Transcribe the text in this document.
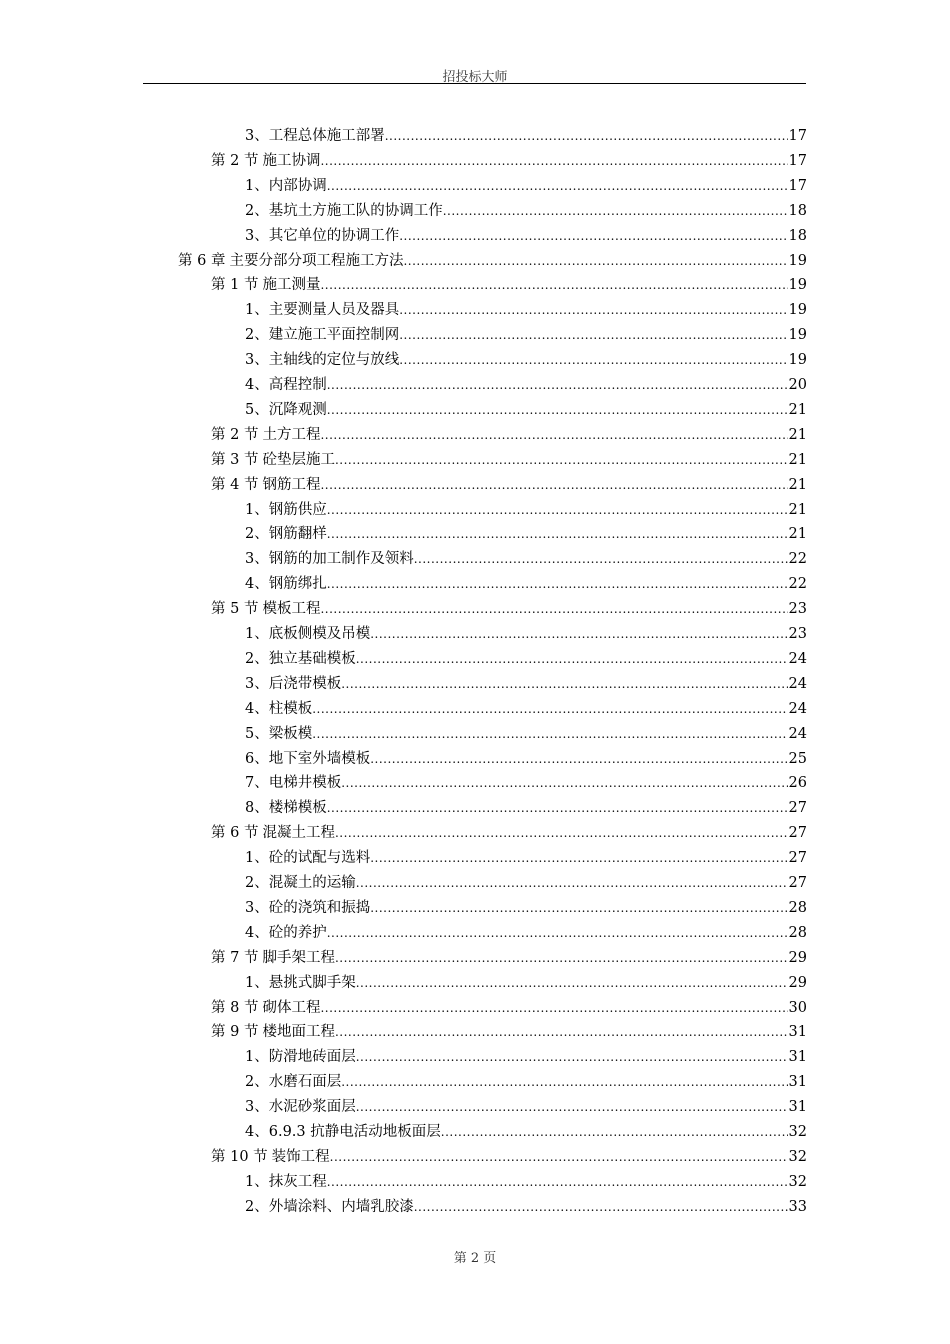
招投标大师
3、 工程总体施工部署 .....	17
第 2 节 施工协调 .....	17
1、 内部协调 .....	17
2、 基坑土方施工队的协调工作 .....	18
3、 其它单位的协调工作 .....	18
第 6 章 主要分部分项工程施工方法 .....	19
第 1 节 施工测量 .....	19
1、 主要测量人员及器具 .....	19
2、 建立施工平面控制网 .....	19
3、 主轴线的定位与放线 .....	19
4、 高程控制 .....	20
5、 沉降观测 .....	21
第 2 节 土方工程 .....	21
第 3 节 砼垫层施工 .....	21
第 4 节 钢筋工程 .....	21
1、 钢筋供应 .....	21
2、 钢筋翻样 .....	21
3、 钢筋的加工制作及领料 .....	22
4、 钢筋绑扎 .....	22
第 5 节 模板工程 .....	23
1、 底板侧模及吊模 .....	23
2、 独立基础模板 .....	24
3、 后浇带模板 .....	24
4、 柱模板 .....	24
5、 梁板模 .....	24
6、 地下室外墙模板 .....	25
7、 电梯井模板 .....	26
8、 楼梯模板 .....	27
第 6 节 混凝土工程 .....	27
1、 砼的试配与选料 .....	27
2、 混凝土的运输 .....	27
3、 砼的浇筑和振捣 .....	28
4、 砼的养护 .....	28
第 7 节 脚手架工程 .....	29
1、 悬挑式脚手架 .....	29
第 8 节 砌体工程 .....	30
第 9 节 楼地面工程 .....	31
1、 防滑地砖面层 .....	31
2、 水磨石面层 .....	31
3、 水泥砂浆面层 .....	31
4、 6.9.3 抗静电活动地板面层 .....	32
第 10 节 装饰工程 .....	32
1、 抹灰工程 .....	32
2、 外墙涂料、内墙乳胶漆 .....	33
第 2 页
